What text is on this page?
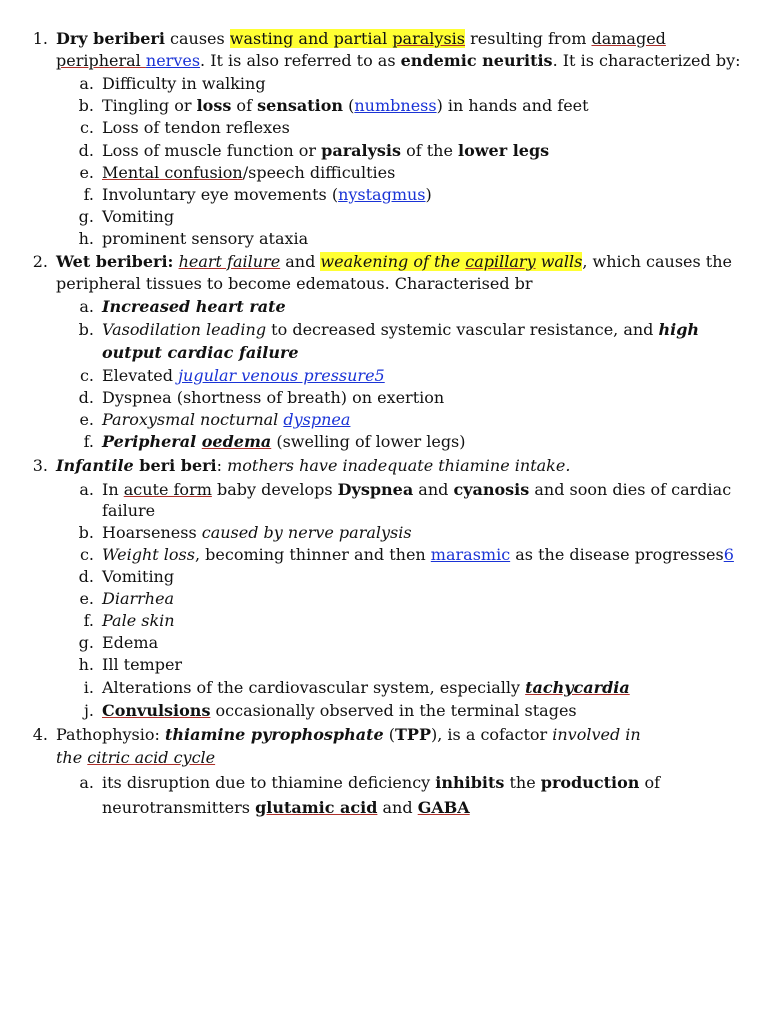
1. Dry beriberi causes wasting and partial paralysis resulting from damaged
peripheral nerves. It is also referred to as endemic neuritis. It is characterized by:
a. Difficulty in walking
b. Tingling or loss of sensation (numbness) in hands and feet
c. Loss of tendon reflexes
d. Loss of muscle function or paralysis of the lower legs
e. Mental confusion/speech difficulties
f. Involuntary eye movements (nystagmus)
g. Vomiting
h. prominent sensory ataxia
2. Wet beriberi: heart failure and weakening of the capillary walls, which causes the
peripheral tissues to become edematous. Characterised br
a. Increased heart rate
b. Vasodilation leading to decreased systemic vascular resistance, and high
output cardiac failure
c. Elevated jugular venous pressure5
d. Dyspnea (shortness of breath) on exertion
e. Paroxysmal nocturnal dyspnea
f. Peripheral oedema (swelling of lower legs)
3. Infantile beri beri: mothers have inadequate thiamine intake.
a. In acute form baby develops Dyspnea and cyanosis and soon dies of cardiac
failure
b. Hoarseness caused by nerve paralysis
c. Weight loss, becoming thinner and then marasmic as the disease progresses6
d. Vomiting
e. Diarrhea
f. Pale skin
g. Edema
h. Ill temper
i. Alterations of the cardiovascular system, especially tachycardia
j. Convulsions occasionally observed in the terminal stages
4. Pathophysio: thiamine pyrophosphate (TPP), is a cofactor involved in
the citric acid cycle
a. its disruption due to thiamine deficiency inhibits the production of
neurotransmitters glutamic acid and GABA
